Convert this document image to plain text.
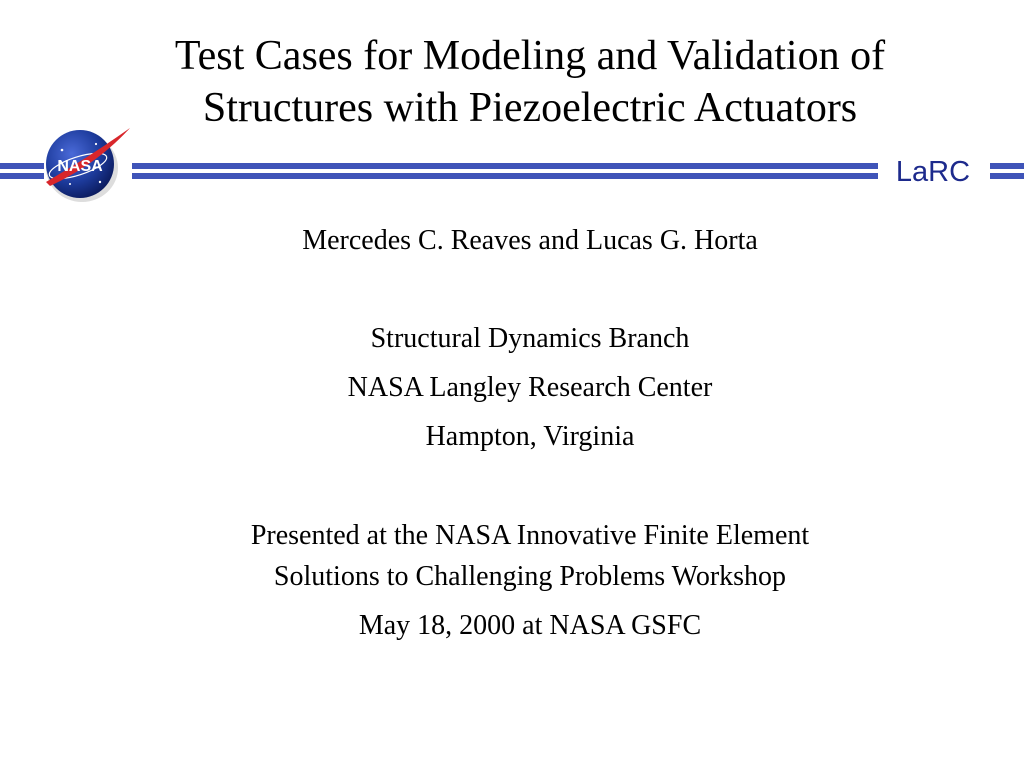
Test Cases for Modeling and Validation of
Structures with Piezoelectric Actuators
LaRC
NASA
Mercedes C. Reaves and Lucas G. Horta
Structural Dynamics Branch
NASA Langley Research Center
Hampton, Virginia
Presented at the NASA Innovative Finite Element
Solutions to Challenging Problems Workshop
May 18, 2000 at NASA GSFC
